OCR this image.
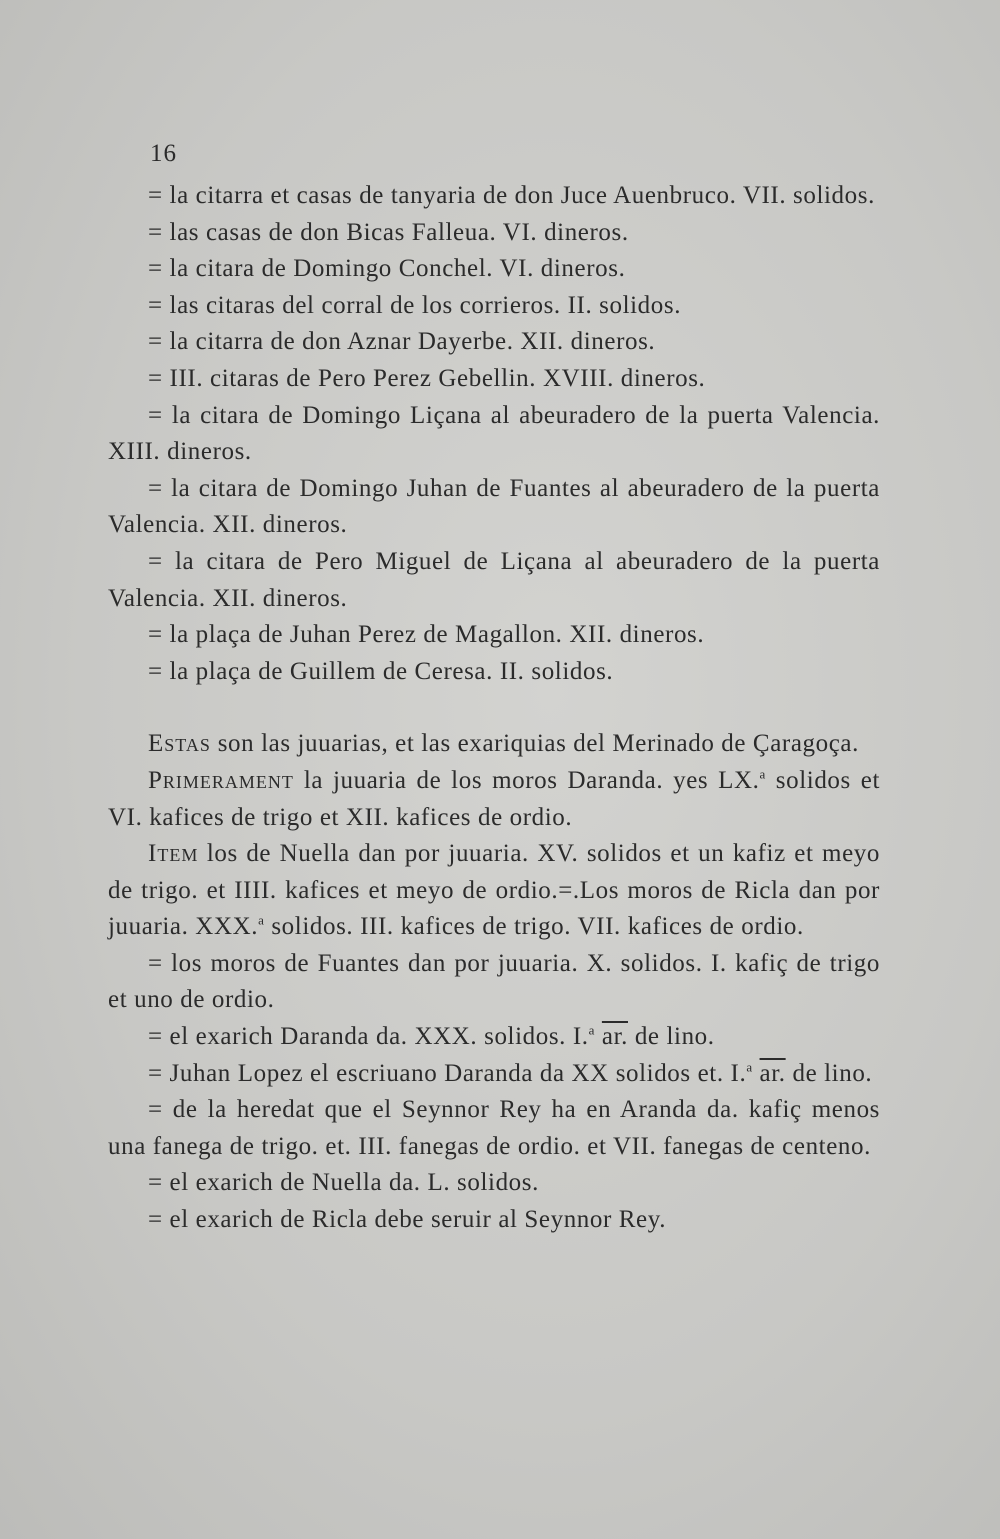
16

= la citarra et casas de tanyaria de don Juce Auenbruco. VII. solidos.

= las casas de don Bicas Falleua. VI. dineros.

= la citara de Domingo Conchel. VI. dineros.

= las citaras del corral de los corrieros. II. solidos.

= la citarra de don Aznar Dayerbe. XII. dineros.

= III. citaras de Pero Perez Gebellin. XVIII. dineros.

= la citara de Domingo Liçana al abeuradero de la puerta Valencia. XIII. dineros.

= la citara de Domingo Juhan de Fuantes al abeuradero de la puerta Valencia. XII. dineros.

= la citara de Pero Miguel de Liçana al abeuradero de la puerta Valencia. XII. dineros.

= la plaça de Juhan Perez de Magallon. XII. dineros.

= la plaça de Guillem de Ceresa. II. solidos.

Estas son las juuarias, et las exariquias del Merinado de Çaragoça.

Primerament la juuaria de los moros Daranda. yes LX.$^a$ solidos et VI. kafices de trigo et XII. kafices de ordio.

Item los de Nuella dan por juuaria. XV. solidos et un kafiz et meyo de trigo. et IIII. kafices et meyo de ordio.=.Los moros de Ricla dan por juuaria. XXX.$^a$ solidos. III. kafices de trigo. VII. kafices de ordio.

= los moros de Fuantes dan por juuaria. X. solidos. I. kafiç de trigo et uno de ordio.

= el exarich Daranda da. XXX. solidos. I.$^a$ ar. de lino.

= Juhan Lopez el escriuano Daranda da XX solidos et. I.$^a$ ar. de lino.

= de la heredat que el Seynnor Rey ha en Aranda da. kafiç menos una fanega de trigo. et. III. fanegas de ordio. et VII. fanegas de centeno.

= el exarich de Nuella da. L. solidos.

= el exarich de Ricla debe seruir al Seynnor Rey.
